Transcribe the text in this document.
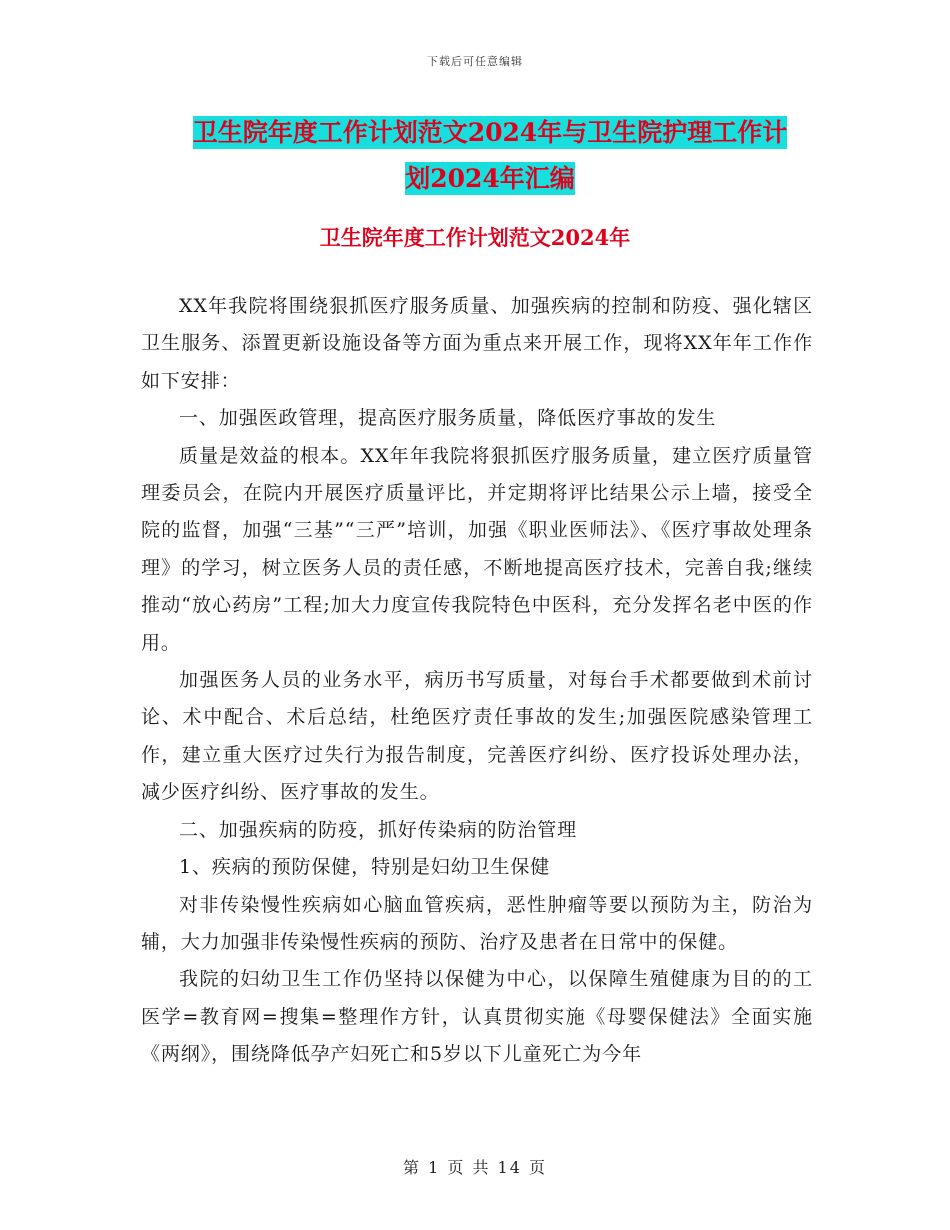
下载后可任意编辑
卫生院年度工作计划范文2024年与卫生院护理工作计
划2024年汇编
卫生院年度工作计划范文2024年

XX年我院将围绕狠抓医疗服务质量、加强疾病的控制和防疫、强化辖区卫生服务、添置更新设施设备等方面为重点来开展工作，现将XX年年工作作如下安排：

一、加强医政管理，提高医疗服务质量，降低医疗事故的发生

质量是效益的根本。XX年年我院将狠抓医疗服务质量，建立医疗质量管理委员会，在院内开展医疗质量评比，并定期将评比结果公示上墙，接受全院的监督，加强“三基”“三严”培训，加强《职业医师法》、《医疗事故处理条理》的学习，树立医务人员的责任感，不断地提高医疗技术，完善自我;继续推动“放心药房”工程;加大力度宣传我院特色中医科，充分发挥名老中医的作用。

加强医务人员的业务水平，病历书写质量，对每台手术都要做到术前讨论、术中配合、术后总结，杜绝医疗责任事故的发生;加强医院感染管理工作，建立重大医疗过失行为报告制度，完善医疗纠纷、医疗投诉处理办法，减少医疗纠纷、医疗事故的发生。

二、加强疾病的防疫，抓好传染病的防治管理

1、疾病的预防保健，特别是妇幼卫生保健

对非传染慢性疾病如心脑血管疾病，恶性肿瘤等要以预防为主，防治为辅，大力加强非传染慢性疾病的预防、治疗及患者在日常中的保健。

我院的妇幼卫生工作仍坚持以保健为中心，以保障生殖健康为目的的工医学=教育网=搜集=整理作方针，认真贯彻实施《母婴保健法》全面实施《两纲》，围绕降低孕产妇死亡和5岁以下儿童死亡为今年

第 1 页 共 14 页
